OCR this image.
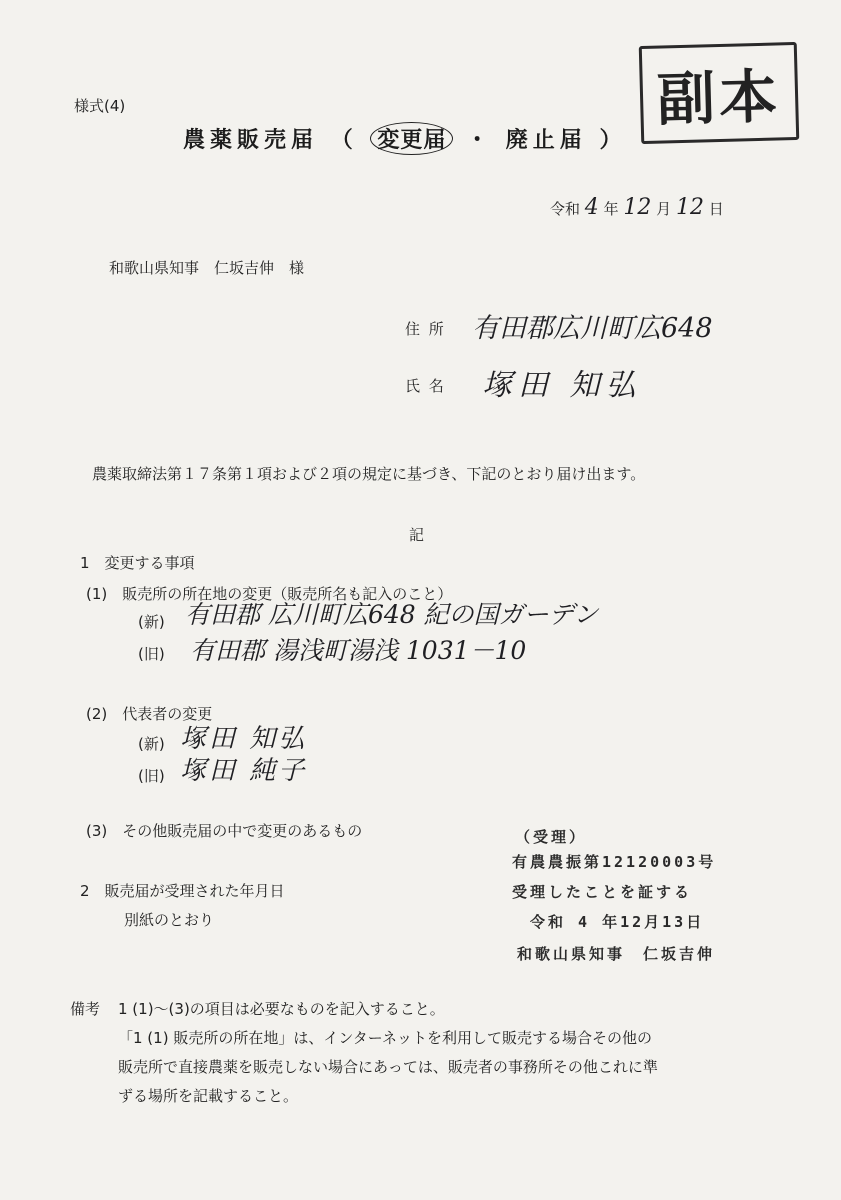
様式(4)
農薬販売届 （ 変更届 ・ 廃止届 ）
副本
令和 4 年 12 月 12 日
和歌山県知事　仁坂吉伸　様
住 所 有田郡広川町広648
氏 名 塚田 知弘
農薬取締法第１７条第１項および２項の規定に基づき、下記のとおり届け出ます。
記
1　変更する事項
(1)　販売所の所在地の変更（販売所名も記入のこと）
(新) 有田郡 広川町広648 紀の国ガーデン
(旧) 有田郡 湯浅町湯浅 1031－10
(2)　代表者の変更
(新) 塚田 知弘
(旧) 塚田 純子
(3)　その他販売届の中で変更のあるもの
2　販売届が受理された年月日
別紙のとおり
（受理）
有農農振第12120003号
受理したことを証する
令和 4 年12月13日
和歌山県知事　仁坂吉伸
備考 1 (1)～(3)の項目は必要なものを記入すること。
「1 (1) 販売所の所在地」は、インターネットを利用して販売する場合その他の
販売所で直接農薬を販売しない場合にあっては、販売者の事務所その他これに準
ずる場所を記載すること。
